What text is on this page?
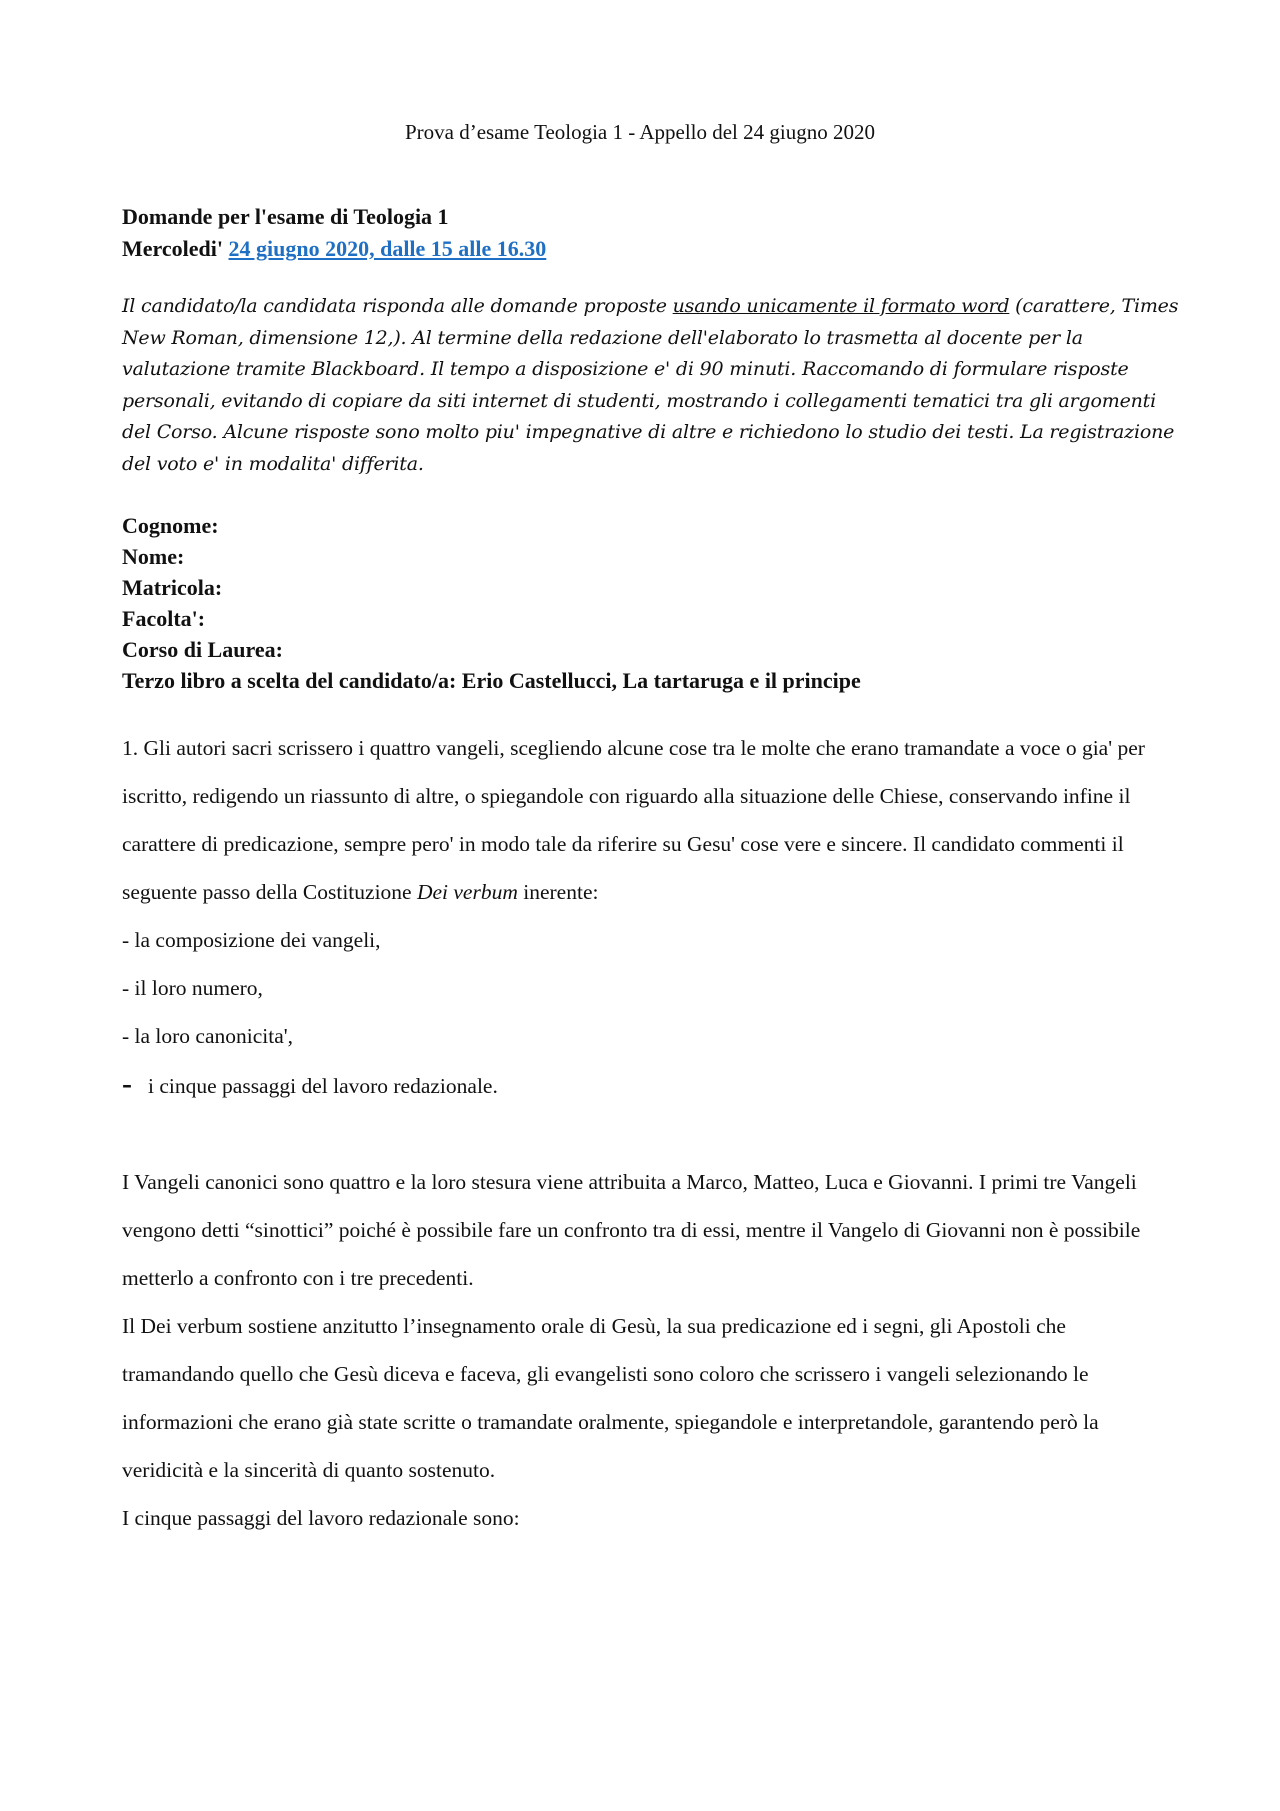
Prova d’esame Teologia 1 - Appello del 24 giugno 2020
Domande per l'esame di Teologia 1
Mercoledi' 24 giugno 2020, dalle 15 alle 16.30
Il candidato/la candidata risponda alle domande proposte usando unicamente il formato word (carattere, Times New Roman, dimensione 12,). Al termine della redazione dell'elaborato lo trasmetta al docente per la valutazione tramite Blackboard. Il tempo a disposizione e' di 90 minuti. Raccomando di formulare risposte personali, evitando di copiare da siti internet di studenti, mostrando i collegamenti tematici tra gli argomenti del Corso. Alcune risposte sono molto piu' impegnative di altre e richiedono lo studio dei testi. La registrazione del voto e' in modalita' differita.
Cognome:
Nome:
Matricola:
Facolta':
Corso di Laurea:
Terzo libro a scelta del candidato/a: Erio Castellucci, La tartaruga e il principe

1. Gli autori sacri scrissero i quattro vangeli, scegliendo alcune cose tra le molte che erano tramandate a voce o gia' per iscritto, redigendo un riassunto di altre, o spiegandole con riguardo alla situazione delle Chiese, conservando infine il carattere di predicazione, sempre pero' in modo tale da riferire su Gesu' cose vere e sincere. Il candidato commenti il seguente passo della Costituzione Dei verbum inerente:

- la composizione dei vangeli,
- il loro numero,
- la loro canonicita',
- i cinque passaggi del lavoro redazionale.

I Vangeli canonici sono quattro e la loro stesura viene attribuita a Marco, Matteo, Luca e Giovanni. I primi tre Vangeli vengono detti “sinottici” poiché è possibile fare un confronto tra di essi, mentre il Vangelo di Giovanni non è possibile metterlo a confronto con i tre precedenti.

Il Dei verbum sostiene anzitutto l’insegnamento orale di Gesù, la sua predicazione ed i segni, gli Apostoli che tramandando quello che Gesù diceva e faceva, gli evangelisti sono coloro che scrissero i vangeli selezionando le informazioni che erano già state scritte o tramandate oralmente, spiegandole e interpretandole, garantendo però la veridicità e la sincerità di quanto sostenuto.

I cinque passaggi del lavoro redazionale sono:
